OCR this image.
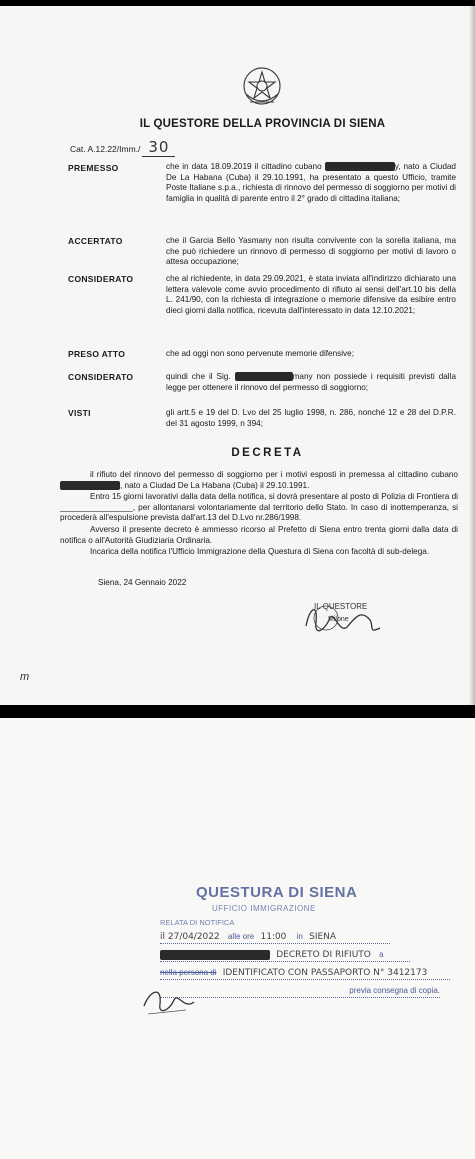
IL QUESTORE DELLA PROVINCIA DI SIENA
Cat. A.12.22/Imm./ 30
PREMESSO	che in data 18.09.2019 il cittadino cubano	y, nato a Ciudad De La Habana (Cuba) il 29.10.1991, ha presentato a questo Ufficio, tramite Poste Italiane s.p.a., richiesta di rinnovo del permesso di soggiorno per motivi di famiglia in qualità di parente entro il 2° grado di cittadina italiana;
ACCERTATO	che il Garcia Bello Yasmany non risulta convivente con la sorella italiana, ma che può richiedere un rinnovo di permesso di soggiorno per motivi di lavoro o attesa occupazione;
CONSIDERATO	che al richiedente, in data 29.09.2021, è stata inviata all'indirizzo dichiarato una lettera valevole come avvio procedimento di rifiuto ai sensi dell'art.10 bis della L. 241/90, con la richiesta di integrazione o memorie difensive da esibire entro dieci giorni dalla notifica, ricevuta dall'interessato in data 12.10.2021;
PRESO ATTO	che ad oggi non sono pervenute memorie difensive;
CONSIDERATO	quindi che il Sig.	many non possiede i requisiti previsti dalla legge per ottenere il rinnovo del permesso di soggiorno;
VISTI	gli artt.5 e 19 del D. Lvo del 25 luglio 1998, n. 286, nonché 12 e 28 del D.P.R. del 31 agosto 1999, n 394;
DECRETA
il rifiuto del rinnovo del permesso di soggiorno per i motivi esposti in premessa al cittadino cubano , nato a Ciudad De La Habana (Cuba) il 29.10.1991.
Entro 15 giorni lavorativi dalla data della notifica, si dovrà presentare al posto di Polizia di Frontiera di ________________, per allontanarsi volontariamente dal territorio dello Stato. In caso di inottemperanza, si procederà all'espulsione prevista dall'art.13 del D.Lvo nr.286/1998.
Avverso il presente decreto è ammesso ricorso al Prefetto di Siena entro trenta giorni dalla data di notifica o all'Autorità Giudiziaria Ordinaria.
Incarica della notifica l'Ufficio Immigrazione della Questura di Siena con facoltà di sub-delega.
Siena, 24 Gennaio 2022
IL QUESTORE
Milone
m
QUESTURA DI SIENA
UFFICIO IMMIGRAZIONE
RELATA DI NOTIFICA
il 27/04/2022 alle ore 11:00 in SIENA
DECRETO DI RIFIUTO a
nella persona di IDENTIFICATO CON PASSAPORTO N° 3412173
previa consegna di copia.
